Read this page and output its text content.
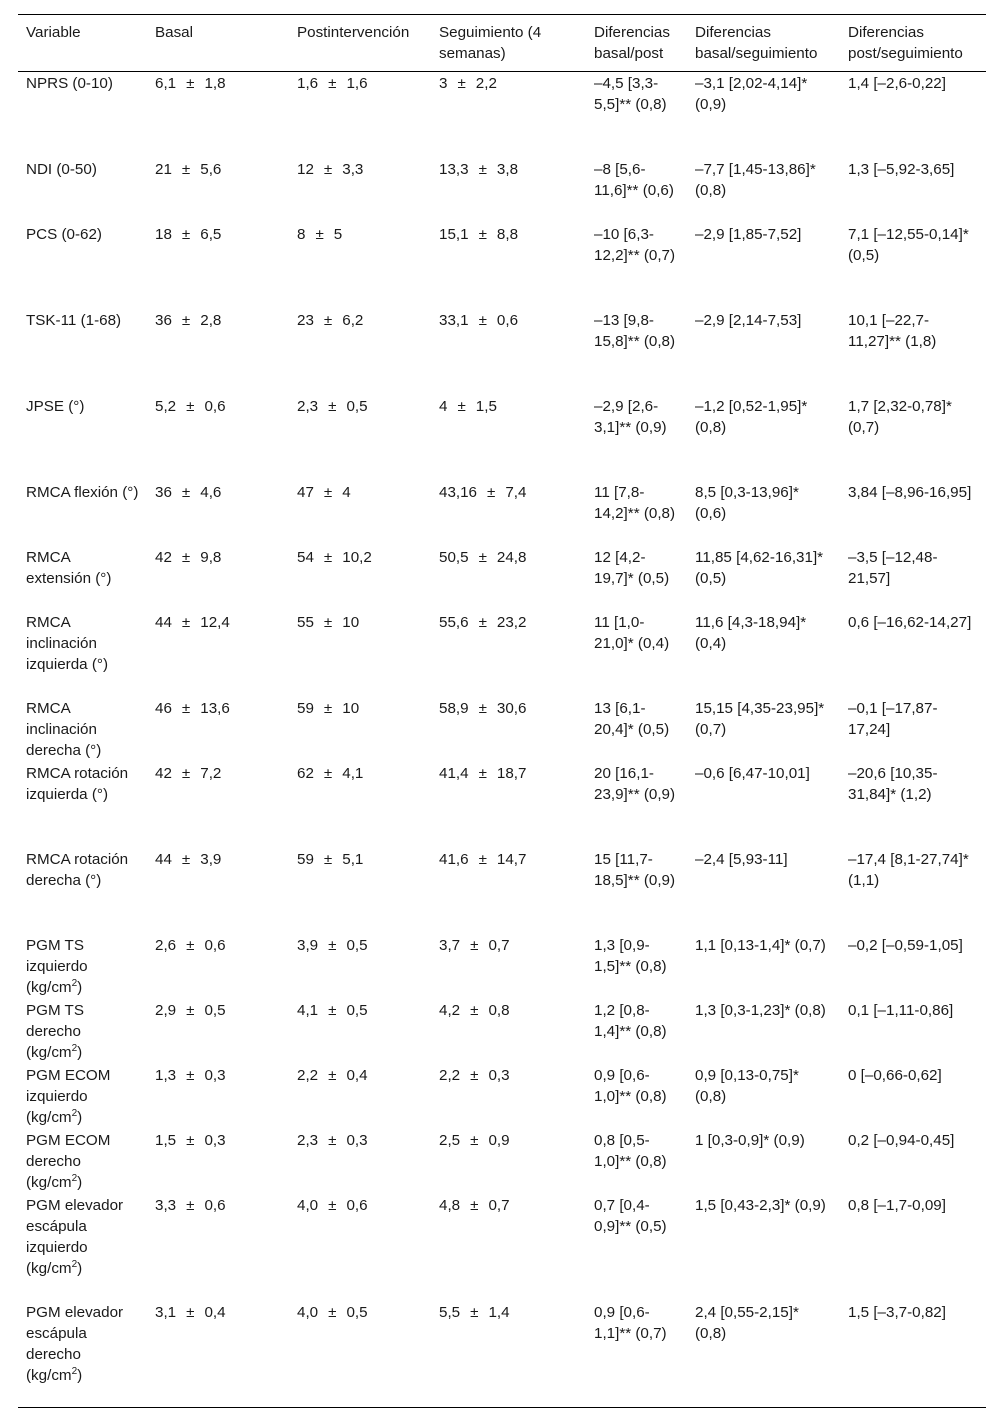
Variable	Basal	Postintervención	Seguimiento (4 semanas)	Diferencias basal/post	Diferencias basal/seguimiento	Diferencias post/seguimiento
NPRS (0-10)	6,1 ± 1,8	1,6 ± 1,6	3 ± 2,2	–4,5 [3,3-5,5]** (0,8)	–3,1 [2,02-4,14]* (0,9)	1,4 [–2,6-0,22]
NDI (0-50)	21 ± 5,6	12 ± 3,3	13,3 ± 3,8	–8 [5,6-11,6]** (0,6)	–7,7 [1,45-13,86]* (0,8)	1,3 [–5,92-3,65]
PCS (0-62)	18 ± 6,5	8 ± 5	15,1 ± 8,8	–10 [6,3-12,2]** (0,7)	–2,9 [1,85-7,52]	7,1 [–12,55-0,14]* (0,5)
TSK-11 (1-68)	36 ± 2,8	23 ± 6,2	33,1 ± 0,6	–13 [9,8-15,8]** (0,8)	–2,9 [2,14-7,53]	10,1 [–22,7-11,27]** (1,8)
JPSE (°)	5,2 ± 0,6	2,3 ± 0,5	4 ± 1,5	–2,9 [2,6-3,1]** (0,9)	–1,2 [0,52-1,95]* (0,8)	1,7 [2,32-0,78]* (0,7)
RMCA flexión (°)	36 ± 4,6	47 ± 4	43,16 ± 7,4	11 [7,8-14,2]** (0,8)	8,5 [0,3-13,96]* (0,6)	3,84 [–8,96-16,95]
RMCA extensión (°)	42 ± 9,8	54 ± 10,2	50,5 ± 24,8	12 [4,2-19,7]* (0,5)	11,85 [4,62-16,31]* (0,5)	–3,5 [–12,48-21,57]
RMCA inclinación izquierda (°)	44 ± 12,4	55 ± 10	55,6 ± 23,2	11 [1,0-21,0]* (0,4)	11,6 [4,3-18,94]* (0,4)	0,6 [–16,62-14,27]
RMCA inclinación derecha (°)	46 ± 13,6	59 ± 10	58,9 ± 30,6	13 [6,1-20,4]* (0,5)	15,15 [4,35-23,95]* (0,7)	–0,1 [–17,87-17,24]
RMCA rotación izquierda (°)	42 ± 7,2	62 ± 4,1	41,4 ± 18,7	20 [16,1-23,9]** (0,9)	–0,6 [6,47-10,01]	–20,6 [10,35-31,84]* (1,2)
RMCA rotación derecha (°)	44 ± 3,9	59 ± 5,1	41,6 ± 14,7	15 [11,7-18,5]** (0,9)	–2,4 [5,93-11]	–17,4 [8,1-27,74]* (1,1)
PGM TS izquierdo $(kg/cm^2)$	2,6 ± 0,6	3,9 ± 0,5	3,7 ± 0,7	1,3 [0,9-1,5]** (0,8)	1,1 [0,13-1,4]* (0,7)	–0,2 [–0,59-1,05]
PGM TS derecho $(kg/cm^2)$	2,9 ± 0,5	4,1 ± 0,5	4,2 ± 0,8	1,2 [0,8-1,4]** (0,8)	1,3 [0,3-1,23]* (0,8)	0,1 [–1,11-0,86]
PGM ECOM izquierdo $(kg/cm^2)$	1,3 ± 0,3	2,2 ± 0,4	2,2 ± 0,3	0,9 [0,6-1,0]** (0,8)	0,9 [0,13-0,75]* (0,8)	0 [–0,66-0,62]
PGM ECOM derecho $(kg/cm^2)$	1,5 ± 0,3	2,3 ± 0,3	2,5 ± 0,9	0,8 [0,5-1,0]** (0,8)	1 [0,3-0,9]* (0,9)	0,2 [–0,94-0,45]
PGM elevador escápula izquierdo $(kg/cm^2)$	3,3 ± 0,6	4,0 ± 0,6	4,8 ± 0,7	0,7 [0,4-0,9]** (0,5)	1,5 [0,43-2,3]* (0,9)	0,8 [–1,7-0,09]
PGM elevador escápula derecho $(kg/cm^2)$	3,1 ± 0,4	4,0 ± 0,5	5,5 ± 1,4	0,9 [0,6-1,1]** (0,7)	2,4 [0,55-2,15]* (0,8)	1,5 [–3,7-0,82]
